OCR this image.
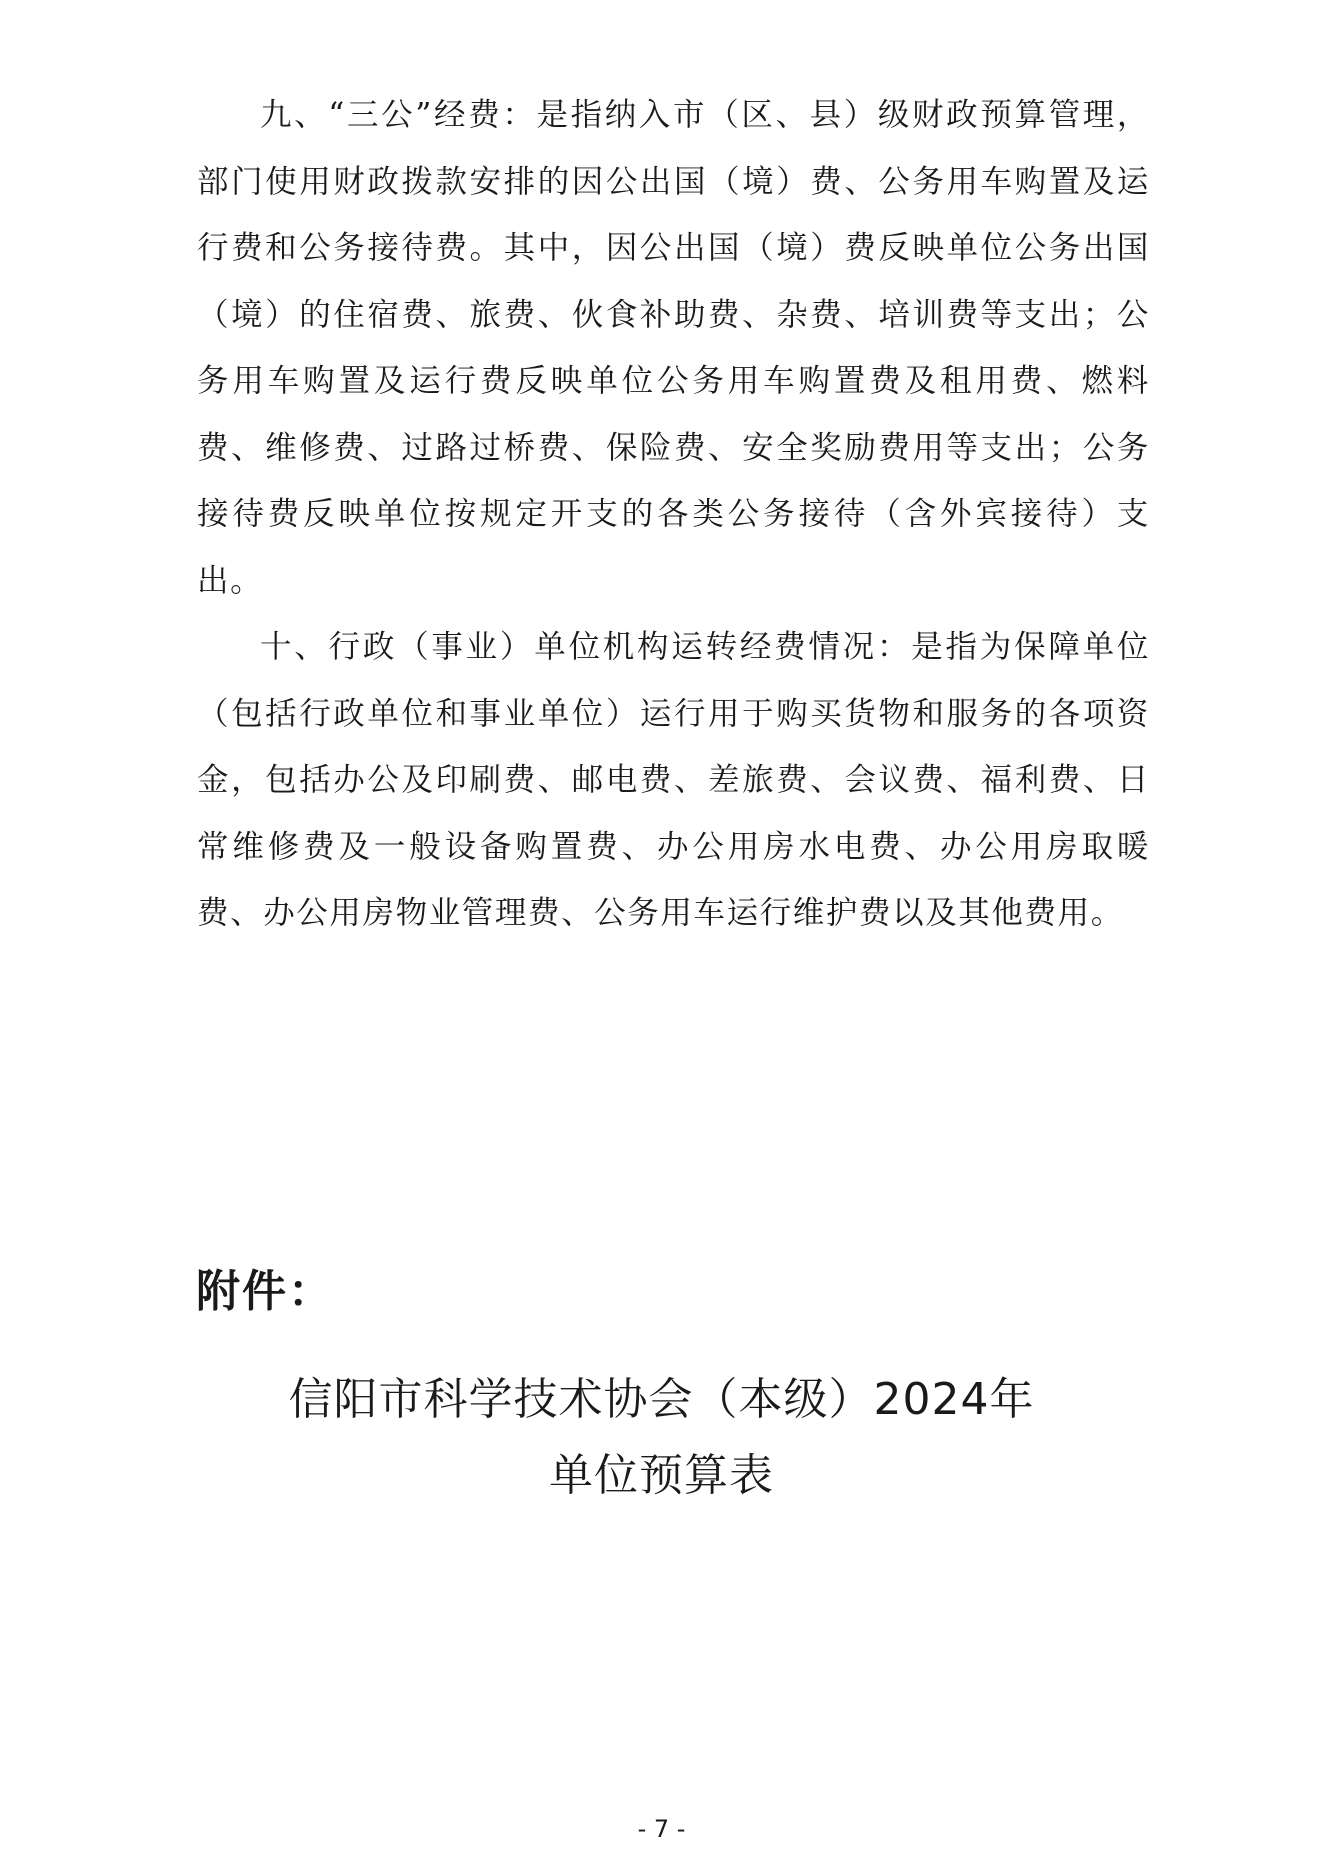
九、“三公”经费：是指纳入市（区、县）级财政预算管理，部门使用财政拨款安排的因公出国（境）费、公务用车购置及运行费和公务接待费。其中，因公出国（境）费反映单位公务出国（境）的住宿费、旅费、伙食补助费、杂费、培训费等支出；公务用车购置及运行费反映单位公务用车购置费及租用费、燃料费、维修费、过路过桥费、保险费、安全奖励费用等支出；公务接待费反映单位按规定开支的各类公务接待（含外宾接待）支出。

十、行政（事业）单位机构运转经费情况：是指为保障单位（包括行政单位和事业单位）运行用于购买货物和服务的各项资金，包括办公及印刷费、邮电费、差旅费、会议费、福利费、日常维修费及一般设备购置费、办公用房水电费、办公用房取暖费、办公用房物业管理费、公务用车运行维护费以及其他费用。

附件：
信阳市科学技术协会（本级）2024年
单位预算表
- 7 -
